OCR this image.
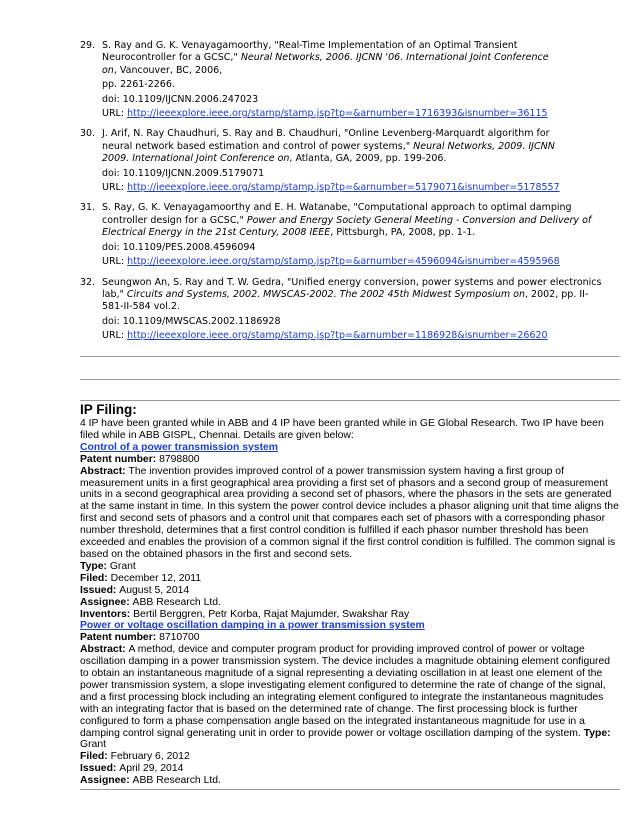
29. S. Ray and G. K. Venayagamoorthy, "Real-Time Implementation of an Optimal Transient
Neurocontroller for a GCSC," Neural Networks, 2006. IJCNN '06. International Joint Conference
on, Vancouver, BC, 2006,
pp. 2261-2266.
doi: 10.1109/IJCNN.2006.247023
URL: http://ieeexplore.ieee.org/stamp/stamp.jsp?tp=&arnumber=1716393&isnumber=36115
30. J. Arif, N. Ray Chaudhuri, S. Ray and B. Chaudhuri, "Online Levenberg-Marquardt algorithm for
neural network based estimation and control of power systems," Neural Networks, 2009. IJCNN
2009. International Joint Conference on, Atlanta, GA, 2009, pp. 199-206.
doi: 10.1109/IJCNN.2009.5179071
URL: http://ieeexplore.ieee.org/stamp/stamp.jsp?tp=&arnumber=5179071&isnumber=5178557
31. S. Ray, G. K. Venayagamoorthy and E. H. Watanabe, "Computational approach to optimal damping
controller design for a GCSC," Power and Energy Society General Meeting - Conversion and Delivery of
Electrical Energy in the 21st Century, 2008 IEEE, Pittsburgh, PA, 2008, pp. 1-1.
doi: 10.1109/PES.2008.4596094
URL: http://ieeexplore.ieee.org/stamp/stamp.jsp?tp=&arnumber=4596094&isnumber=4595968
32. Seungwon An, S. Ray and T. W. Gedra, "Unified energy conversion, power systems and power electronics
lab," Circuits and Systems, 2002. MWSCAS-2002. The 2002 45th Midwest Symposium on, 2002, pp. II-
581-II-584 vol.2.
doi: 10.1109/MWSCAS.2002.1186928
URL: http://ieeexplore.ieee.org/stamp/stamp.jsp?tp=&arnumber=1186928&isnumber=26620
IP Filing:

4 IP have been granted while in ABB and 4 IP have been granted while in GE Global Research. Two IP have been filed while in ABB GISPL, Chennai. Details are given below:

Control of a power transmission system

Patent number: 8798800

Abstract: The invention provides improved control of a power transmission system having a first group of measurement units in a first geographical area providing a first set of phasors and a second group of measurement units in a second geographical area providing a second set of phasors, where the phasors in the sets are generated at the same instant in time. In this system the power control device includes a phasor aligning unit that time aligns the first and second sets of phasors and a control unit that compares each set of phasors with a corresponding phasor number threshold, determines that a first control condition is fulfilled if each phasor number threshold has been exceeded and enables the provision of a common signal if the first control condition is fulfilled. The common signal is based on the obtained phasors in the first and second sets.

Type: Grant

Filed: December 12, 2011

Issued: August 5, 2014

Assignee: ABB Research Ltd.

Inventors: Bertil Berggren, Petr Korba, Rajat Majumder, Swakshar Ray

Power or voltage oscillation damping in a power transmission system

Patent number: 8710700

Abstract: A method, device and computer program product for providing improved control of power or voltage oscillation damping in a power transmission system. The device includes a magnitude obtaining element configured to obtain an instantaneous magnitude of a signal representing a deviating oscillation in at least one element of the power transmission system, a slope investigating element configured to determine the rate of change of the signal, and a first processing block including an integrating element configured to integrate the instantaneous magnitudes with an integrating factor that is based on the determined rate of change. The first processing block is further configured to form a phase compensation angle based on the integrated instantaneous magnitude for use in a damping control signal generating unit in order to provide power or voltage oscillation damping of the system. Type: Grant

Filed: February 6, 2012

Issued: April 29, 2014

Assignee: ABB Research Ltd.
